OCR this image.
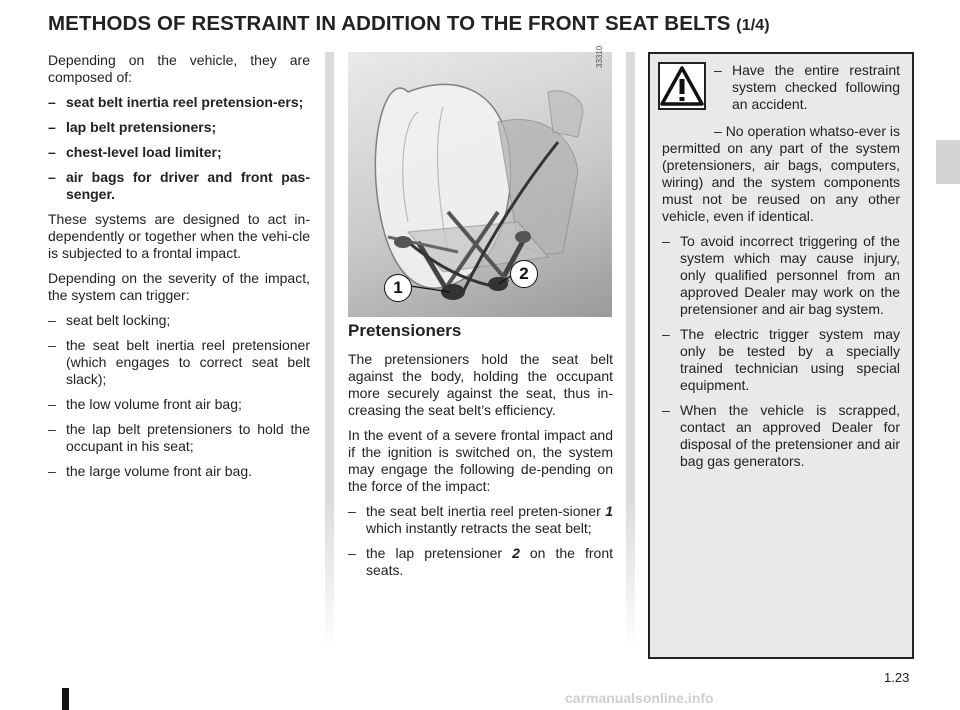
METHODS OF RESTRAINT IN ADDITION TO THE FRONT SEAT BELTS (1/4)

Depending on the vehicle, they are composed of:

– seat belt inertia reel pretension-ers;
– lap belt pretensioners;
– chest-level load limiter;
– air bags for driver and front pas-senger.

These systems are designed to act in-dependently or together when the vehi-cle is subjected to a frontal impact.

Depending on the severity of the impact, the system can trigger:

– seat belt locking;
– the seat belt inertia reel pretensioner (which engages to correct seat belt slack);
– the low volume front air bag;
– the lap belt pretensioners to hold the occupant in his seat;
– the large volume front air bag.
1
2
33310
Pretensioners

The pretensioners hold the seat belt against the body, holding the occupant more securely against the seat, thus in-creasing the seat belt’s efficiency.

In the event of a severe frontal impact and if the ignition is switched on, the system may engage the following de-pending on the force of the impact:

– the seat belt inertia reel preten-sioner 1 which instantly retracts the seat belt;
– the lap pretensioner 2 on the front seats.
– Have the entire restraint system checked following an accident.

– No operation whatso-ever is permitted on any part of the system (pretensioners, air bags, computers, wiring) and the system components must not be reused on any other vehicle, even if identical.

– To avoid incorrect triggering of the system which may cause injury, only qualified personnel from an approved Dealer may work on the pretensioner and air bag system.
– The electric trigger system may only be tested by a specially trained technician using special equipment.
– When the vehicle is scrapped, contact an approved Dealer for disposal of the pretensioner and air bag gas generators.
1.23
carmanualsonline.info
